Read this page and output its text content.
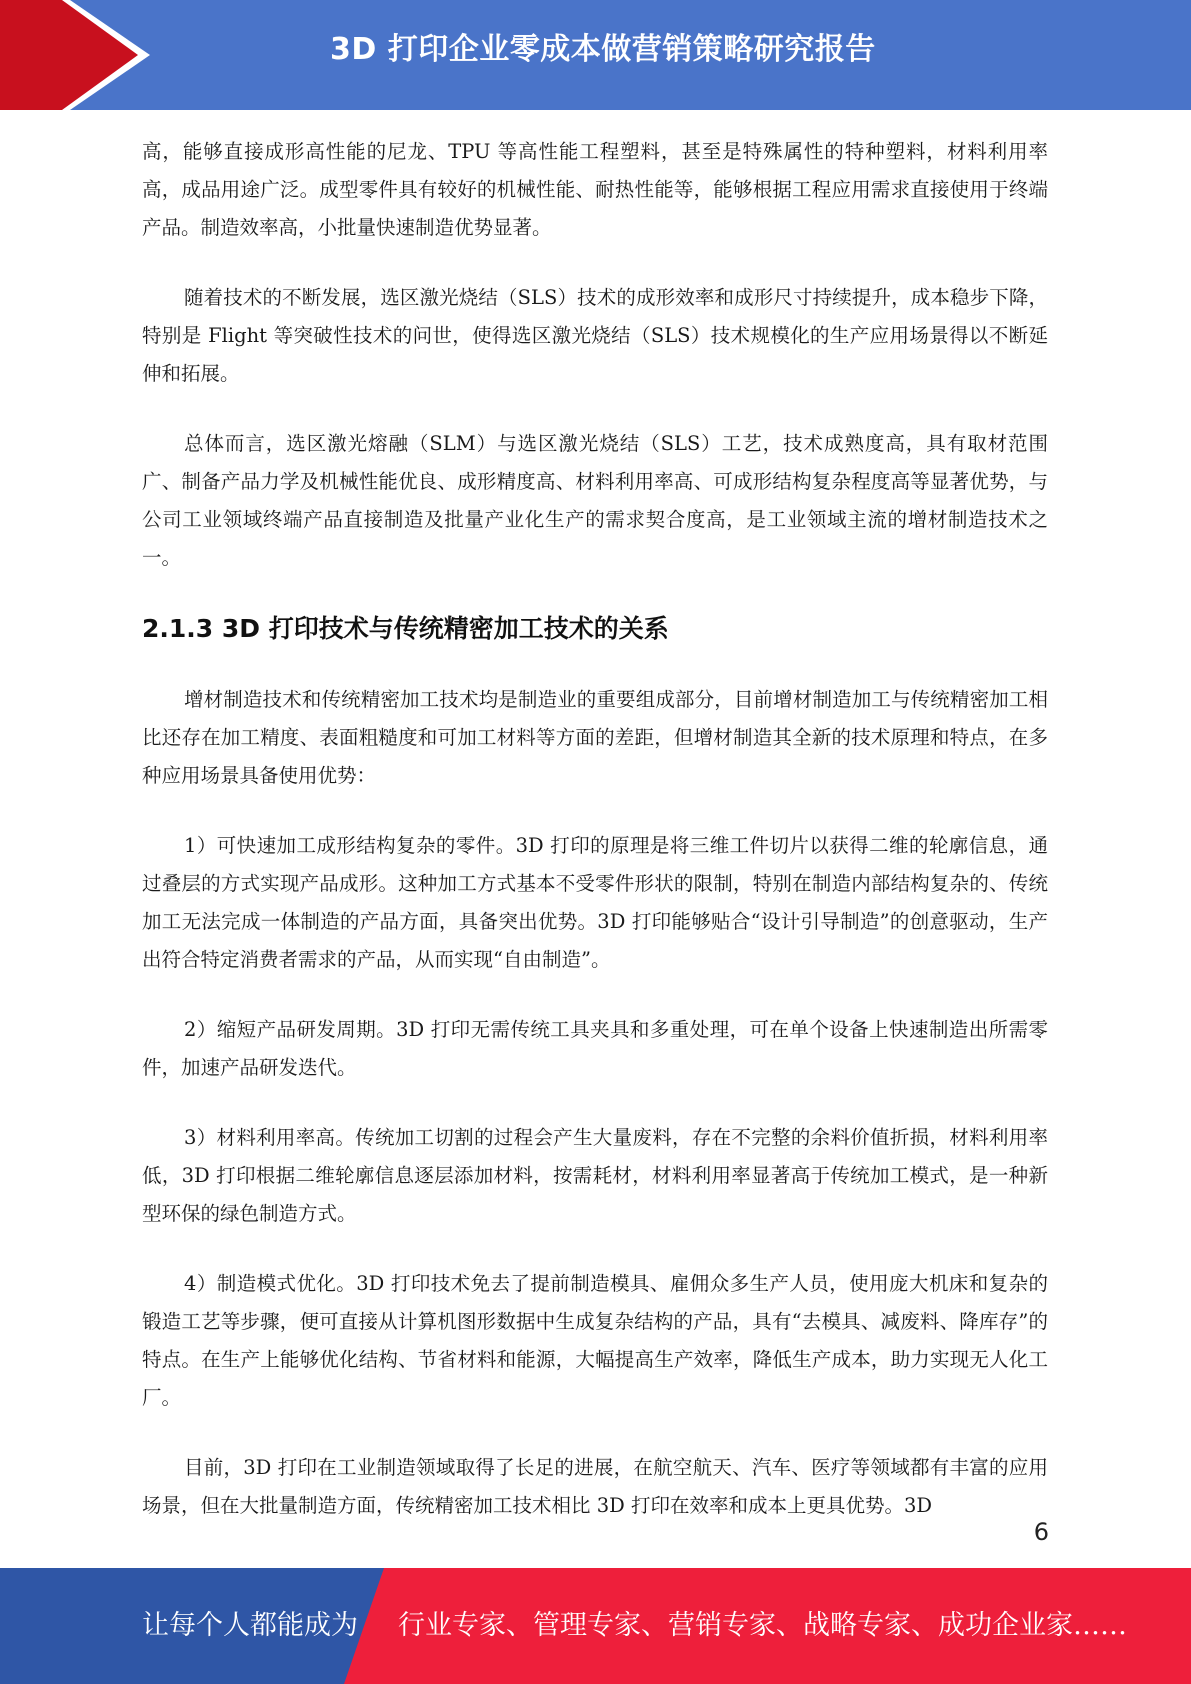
3D 打印企业零成本做营销策略研究报告

高，能够直接成形高性能的尼龙、TPU 等高性能工程塑料，甚至是特殊属性的特种塑料，材料利用率高，成品用途广泛。成型零件具有较好的机械性能、耐热性能等，能够根据工程应用需求直接使用于终端产品。制造效率高，小批量快速制造优势显著。

随着技术的不断发展，选区激光烧结（SLS）技术的成形效率和成形尺寸持续提升，成本稳步下降，特别是 Flight 等突破性技术的问世，使得选区激光烧结（SLS）技术规模化的生产应用场景得以不断延伸和拓展。

总体而言，选区激光熔融（SLM）与选区激光烧结（SLS）工艺，技术成熟度高，具有取材范围广、制备产品力学及机械性能优良、成形精度高、材料利用率高、可成形结构复杂程度高等显著优势，与公司工业领域终端产品直接制造及批量产业化生产的需求契合度高，是工业领域主流的增材制造技术之一。

2.1.3 3D 打印技术与传统精密加工技术的关系

增材制造技术和传统精密加工技术均是制造业的重要组成部分，目前增材制造加工与传统精密加工相比还存在加工精度、表面粗糙度和可加工材料等方面的差距，但增材制造其全新的技术原理和特点，在多种应用场景具备使用优势：

1）可快速加工成形结构复杂的零件。3D 打印的原理是将三维工件切片以获得二维的轮廓信息，通过叠层的方式实现产品成形。这种加工方式基本不受零件形状的限制，特别在制造内部结构复杂的、传统加工无法完成一体制造的产品方面，具备突出优势。3D 打印能够贴合“设计引导制造”的创意驱动，生产出符合特定消费者需求的产品，从而实现“自由制造”。

2）缩短产品研发周期。3D 打印无需传统工具夹具和多重处理，可在单个设备上快速制造出所需零件，加速产品研发迭代。

3）材料利用率高。传统加工切割的过程会产生大量废料，存在不完整的余料价值折损，材料利用率低，3D 打印根据二维轮廓信息逐层添加材料，按需耗材，材料利用率显著高于传统加工模式，是一种新型环保的绿色制造方式。

4）制造模式优化。3D 打印技术免去了提前制造模具、雇佣众多生产人员，使用庞大机床和复杂的锻造工艺等步骤，便可直接从计算机图形数据中生成复杂结构的产品，具有“去模具、减废料、降库存”的特点。在生产上能够优化结构、节省材料和能源，大幅提高生产效率，降低生产成本，助力实现无人化工厂。

目前，3D 打印在工业制造领域取得了长足的进展，在航空航天、汽车、医疗等领域都有丰富的应用场景，但在大批量制造方面，传统精密加工技术相比 3D 打印在效率和成本上更具优势。3D

6
让每个人都能成为 行业专家、管理专家、营销专家、战略专家、成功企业家……
